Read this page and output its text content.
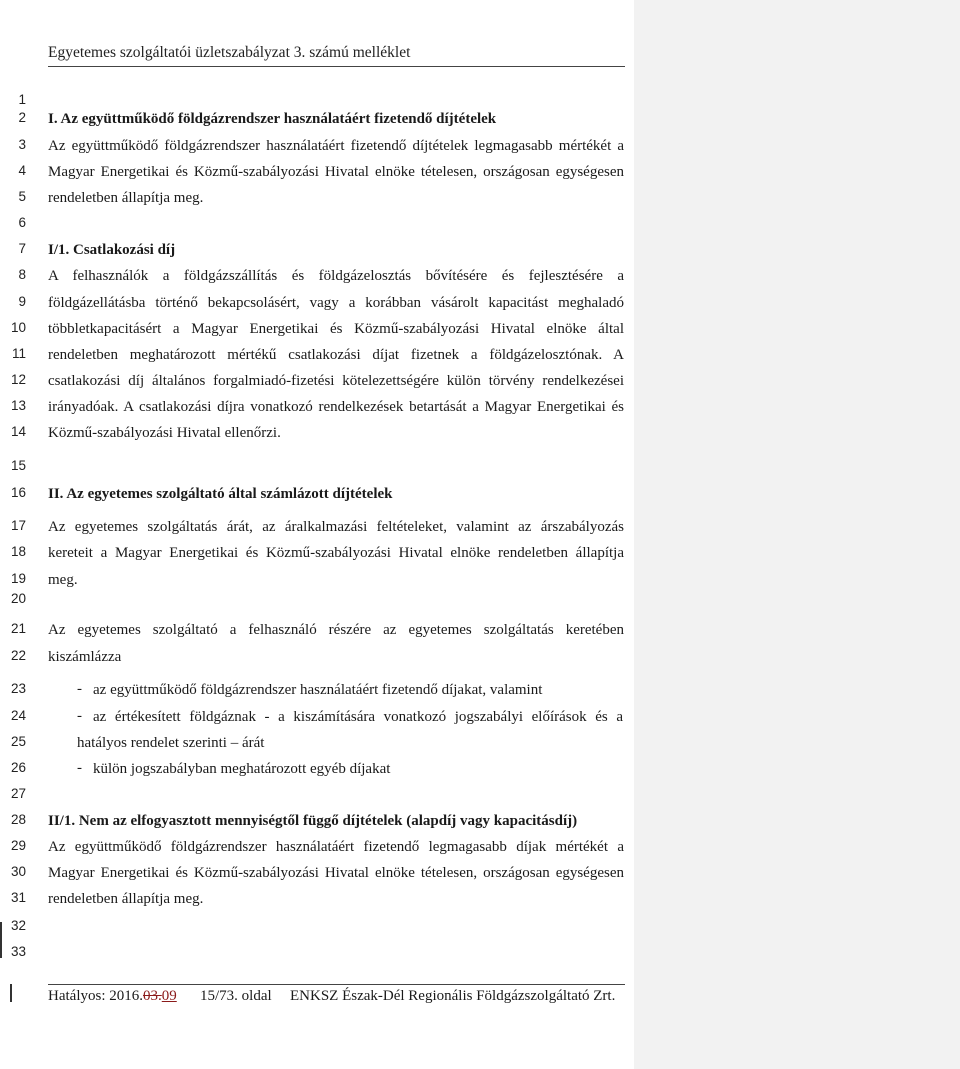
Egyetemes szolgáltatói üzletszabályzat 3. számú melléklet
1
2
3
4
5
6
7
8
9
10
11
12
13
14
15
16
17
18
19
20
21
22
23
24
25
26
27
28
29
30
31
32
33
I. Az együttműködő földgázrendszer használatáért fizetendő díjtételek
Az együttműködő földgázrendszer használatáért fizetendő díjtételek legmagasabb mértékét a
Magyar Energetikai és Közmű-szabályozási Hivatal elnöke tételesen, országosan egységesen
rendeletben állapítja meg.
I/1. Csatlakozási díj
A felhasználók a földgázszállítás és földgázelosztás bővítésére és fejlesztésére a
földgázellátásba történő bekapcsolásért, vagy a korábban vásárolt kapacitást meghaladó
többletkapacitásért a Magyar Energetikai és Közmű-szabályozási Hivatal elnöke által
rendeletben meghatározott mértékű csatlakozási díjat fizetnek a földgázelosztónak. A
csatlakozási díj általános forgalmiadó-fizetési kötelezettségére külön törvény rendelkezései
irányadóak. A csatlakozási díjra vonatkozó rendelkezések betartását a Magyar Energetikai és
Közmű-szabályozási Hivatal ellenőrzi.
II. Az egyetemes szolgáltató által számlázott díjtételek
Az egyetemes szolgáltatás árát, az áralkalmazási feltételeket, valamint az árszabályozás
kereteit a Magyar Energetikai és Közmű-szabályozási Hivatal elnöke rendeletben állapítja
meg.
Az egyetemes szolgáltató a felhasználó részére az egyetemes szolgáltatás keretében
kiszámlázza
- az együttműködő földgázrendszer használatáért fizetendő díjakat, valamint
- az értékesített földgáznak - a kiszámítására vonatkozó jogszabályi előírások és a
hatályos rendelet szerinti – árát
- külön jogszabályban meghatározott egyéb díjakat
II/1. Nem az elfogyasztott mennyiségtől függő díjtételek (alapdíj vagy kapacitásdíj)
Az együttműködő földgázrendszer használatáért fizetendő legmagasabb díjak mértékét a
Magyar Energetikai és Közmű-szabályozási Hivatal elnöke tételesen, országosan egységesen
rendeletben állapítja meg.
Hatályos: 2016.03.09 15/73. oldal ENKSZ Észak-Dél Regionális Földgázszolgáltató Zrt.
